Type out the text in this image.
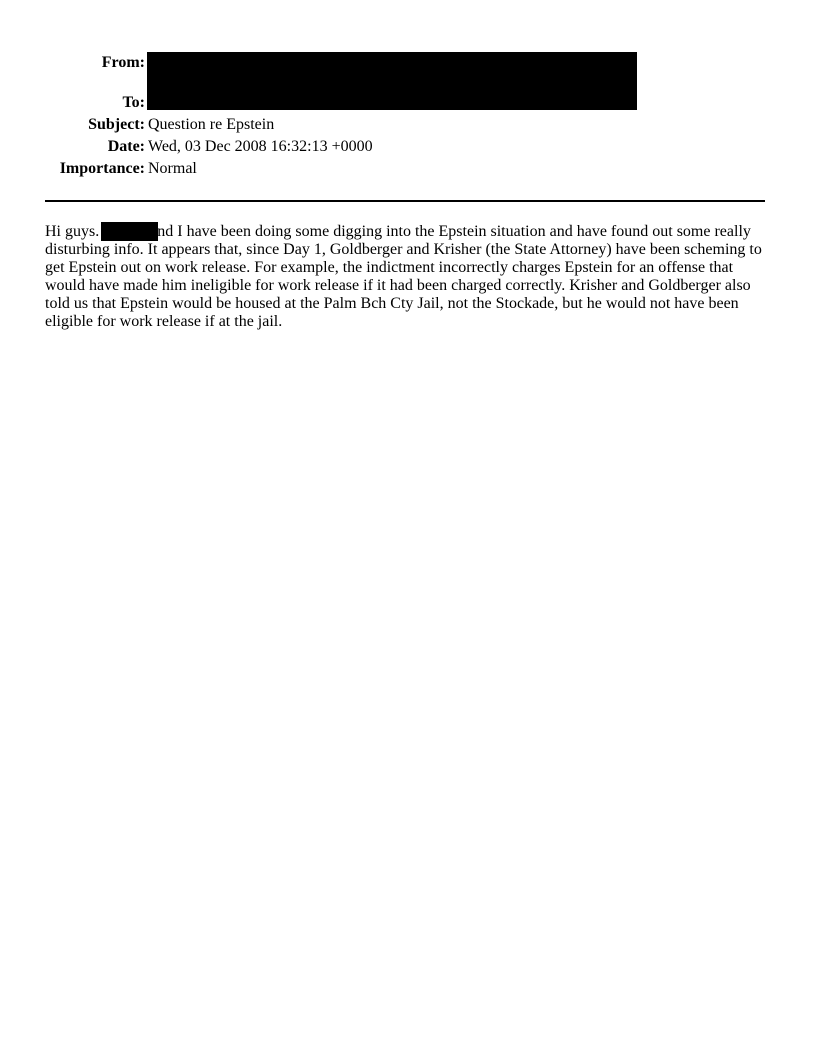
From:
To:
Subject: Question re Epstein
Date: Wed, 03 Dec 2008 16:32:13 +0000
Importance: Normal
Hi guys.	nd I have been doing some digging into the Epstein situation and have found out some really disturbing info. It appears that, since Day 1, Goldberger and Krisher (the State Attorney) have been scheming to get Epstein out on work release. For example, the indictment incorrectly charges Epstein for an offense that would have made him ineligible for work release if it had been charged correctly. Krisher and Goldberger also told us that Epstein would be housed at the Palm Bch Cty Jail, not the Stockade, but he would not have been eligible for work release if at the jail.
